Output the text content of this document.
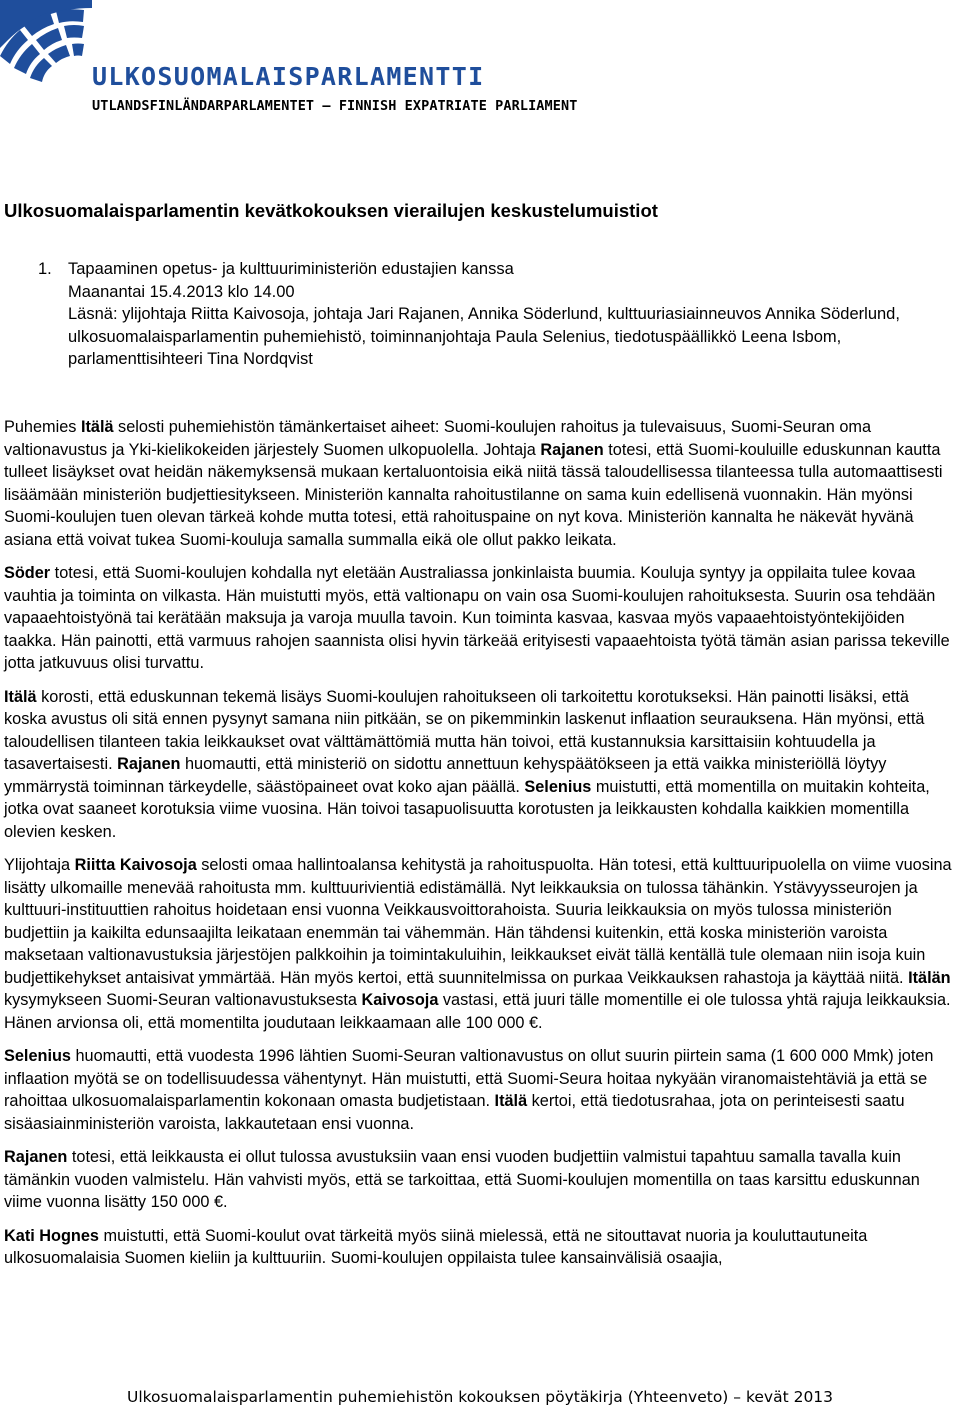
ULKOSUOMALAISPARLAMENTTI
UTLANDSFINLÄNDARPARLAMENTET – FINNISH EXPATRIATE PARLIAMENT
Ulkosuomalaisparlamentin kevätkokouksen vierailujen keskustelumuistiot
1. Tapaaminen opetus- ja kulttuuriministeriön edustajien kanssa
Maanantai 15.4.2013 klo 14.00
Läsnä: ylijohtaja Riitta Kaivosoja, johtaja Jari Rajanen, Annika Söderlund, kulttuuriasiainneuvos Annika Söderlund,
ulkosuomalaisparlamentin puhemiehistö, toiminnanjohtaja Paula Selenius, tiedotuspäällikkö Leena Isbom, parlamenttisihteeri Tina Nordqvist

Puhemies Itälä selosti puhemiehistön tämänkertaiset aiheet: Suomi-koulujen rahoitus ja tulevaisuus, Suomi-Seuran oma valtionavustus ja Yki-kielikokeiden järjestely Suomen ulkopuolella. Johtaja Rajanen totesi, että Suomi-kouluille eduskunnan kautta tulleet lisäykset ovat heidän näkemyksensä mukaan kertaluontoisia eikä niitä tässä taloudellisessa tilanteessa tulla automaattisesti lisäämään ministeriön budjettiesitykseen. Ministeriön kannalta rahoitustilanne on sama kuin edellisenä vuonnakin. Hän myönsi Suomi-koulujen tuen olevan tärkeä kohde mutta totesi, että rahoituspaine on nyt kova. Ministeriön kannalta he näkevät hyvänä asiana että voivat tukea Suomi-kouluja samalla summalla eikä ole ollut pakko leikata.

Söder totesi, että Suomi-koulujen kohdalla nyt eletään Australiassa jonkinlaista buumia. Kouluja syntyy ja oppilaita tulee kovaa vauhtia ja toiminta on vilkasta. Hän muistutti myös, että valtionapu on vain osa Suomi-koulujen rahoituksesta. Suurin osa tehdään vapaaehtoistyönä tai kerätään maksuja ja varoja muulla tavoin. Kun toiminta kasvaa, kasvaa myös vapaaehtoistyöntekijöiden taakka. Hän painotti, että varmuus rahojen saannista olisi hyvin tärkeää erityisesti vapaaehtoista työtä tämän asian parissa tekeville jotta jatkuvuus olisi turvattu.

Itälä korosti, että eduskunnan tekemä lisäys Suomi-koulujen rahoitukseen oli tarkoitettu korotukseksi. Hän painotti lisäksi, että koska avustus oli sitä ennen pysynyt samana niin pitkään, se on pikemminkin laskenut inflaation seurauksena. Hän myönsi, että taloudellisen tilanteen takia leikkaukset ovat välttämättömiä mutta hän toivoi, että kustannuksia karsittaisiin kohtuudella ja tasavertaisesti. Rajanen huomautti, että ministeriö on sidottu annettuun kehyspäätökseen ja että vaikka ministeriöllä löytyy ymmärrystä toiminnan tärkeydelle, säästöpaineet ovat koko ajan päällä. Selenius muistutti, että momentilla on muitakin kohteita, jotka ovat saaneet korotuksia viime vuosina. Hän toivoi tasapuolisuutta korotusten ja leikkausten kohdalla kaikkien momentilla olevien kesken.

Ylijohtaja Riitta Kaivosoja selosti omaa hallintoalansa kehitystä ja rahoituspuolta. Hän totesi, että kulttuuripuolella on viime vuosina lisätty ulkomaille menevää rahoitusta mm. kulttuurivientiä edistämällä. Nyt leikkauksia on tulossa tähänkin. Ystävyysseurojen ja kulttuuri-instituuttien rahoitus hoidetaan ensi vuonna Veikkausvoittorahoista. Suuria leikkauksia on myös tulossa ministeriön budjettiin ja kaikilta edunsaajilta leikataan enemmän tai vähemmän. Hän tähdensi kuitenkin, että koska ministeriön varoista maksetaan valtionavustuksia järjestöjen palkkoihin ja toimintakuluihin, leikkaukset eivät tällä kentällä tule olemaan niin isoja kuin budjettikehykset antaisivat ymmärtää. Hän myös kertoi, että suunnitelmissa on purkaa Veikkauksen rahastoja ja käyttää niitä. Itälän kysymykseen Suomi-Seuran valtionavustuksesta Kaivosoja vastasi, että juuri tälle momentille ei ole tulossa yhtä rajuja leikkauksia. Hänen arvionsa oli, että momentilta joudutaan leikkaamaan alle 100 000 €.

Selenius huomautti, että vuodesta 1996 lähtien Suomi-Seuran valtionavustus on ollut suurin piirtein sama (1 600 000 Mmk) joten inflaation myötä se on todellisuudessa vähentynyt. Hän muistutti, että Suomi-Seura hoitaa nykyään viranomaistehtäviä ja että se rahoittaa ulkosuomalaisparlamentin kokonaan omasta budjetistaan. Itälä kertoi, että tiedotusrahaa, jota on perinteisesti saatu sisäasiainministeriön varoista, lakkautetaan ensi vuonna.

Rajanen totesi, että leikkausta ei ollut tulossa avustuksiin vaan ensi vuoden budjettiin valmistui tapahtuu samalla tavalla kuin tämänkin vuoden valmistelu. Hän vahvisti myös, että se tarkoittaa, että Suomi-koulujen momentilla on taas karsittu eduskunnan viime vuonna lisätty 150 000 €.

Kati Hognes muistutti, että Suomi-koulut ovat tärkeitä myös siinä mielessä, että ne sitouttavat nuoria ja kouluttautuneita ulkosuomalaisia Suomen kieliin ja kulttuuriin. Suomi-koulujen oppilaista tulee kansainvälisiä osaajia,

Ulkosuomalaisparlamentin puhemiehistön kokouksen pöytäkirja (Yhteenveto) – kevät 2013
